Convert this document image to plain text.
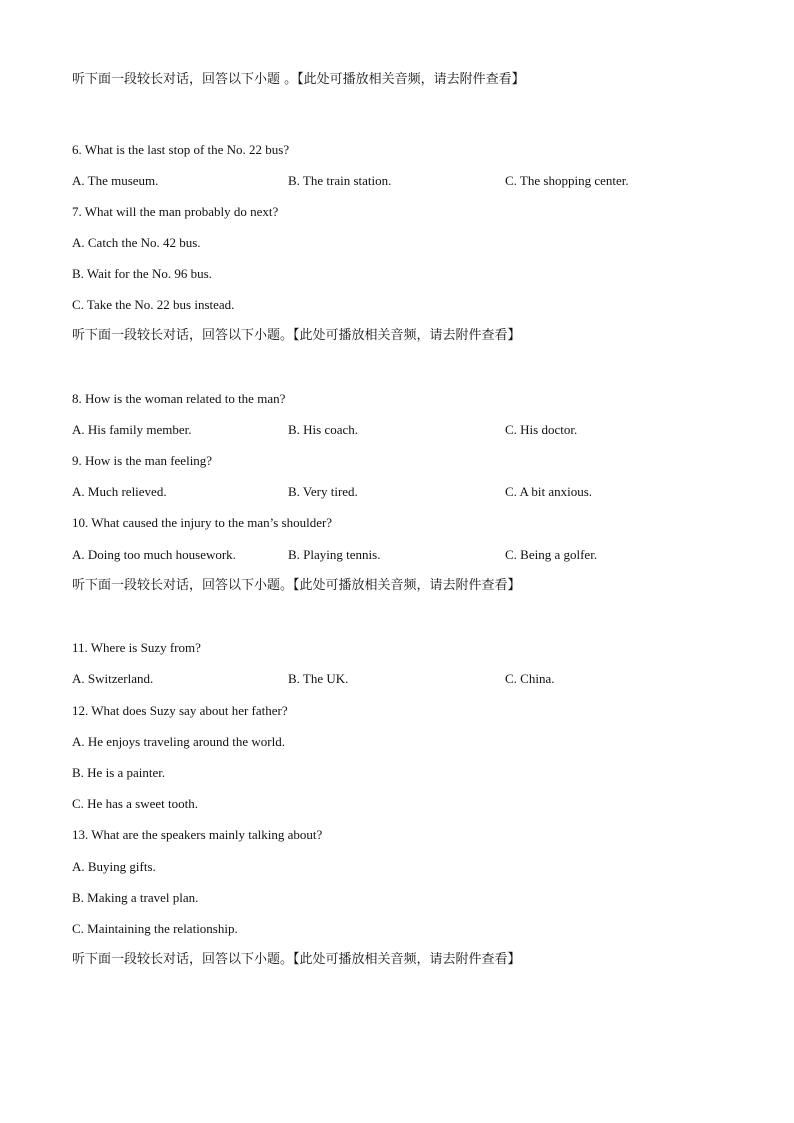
听下面一段较长对话，回答以下小题 。【此处可播放相关音频，请去附件查看】
6. What is the last stop of the No. 22 bus?
A. The museum.	B. The train station.	C. The shopping center.
7. What will the man probably do next?
A. Catch the No. 42 bus.
B. Wait for the No. 96 bus.
C. Take the No. 22 bus instead.
听下面一段较长对话，回答以下小题。【此处可播放相关音频，请去附件查看】
8. How is the woman related to the man?
A. His family member.	B. His coach.	C. His doctor.
9. How is the man feeling?
A. Much relieved.	B. Very tired.	C. A bit anxious.
10. What caused the injury to the man’s shoulder?
A. Doing too much housework.	B. Playing tennis.	C. Being a golfer.
听下面一段较长对话，回答以下小题。【此处可播放相关音频，请去附件查看】
11. Where is Suzy from?
A. Switzerland.	B. The UK.	C. China.
12. What does Suzy say about her father?
A. He enjoys traveling around the world.
B. He is a painter.
C. He has a sweet tooth.
13. What are the speakers mainly talking about?
A. Buying gifts.
B. Making a travel plan.
C. Maintaining the relationship.
听下面一段较长对话，回答以下小题。【此处可播放相关音频，请去附件查看】
